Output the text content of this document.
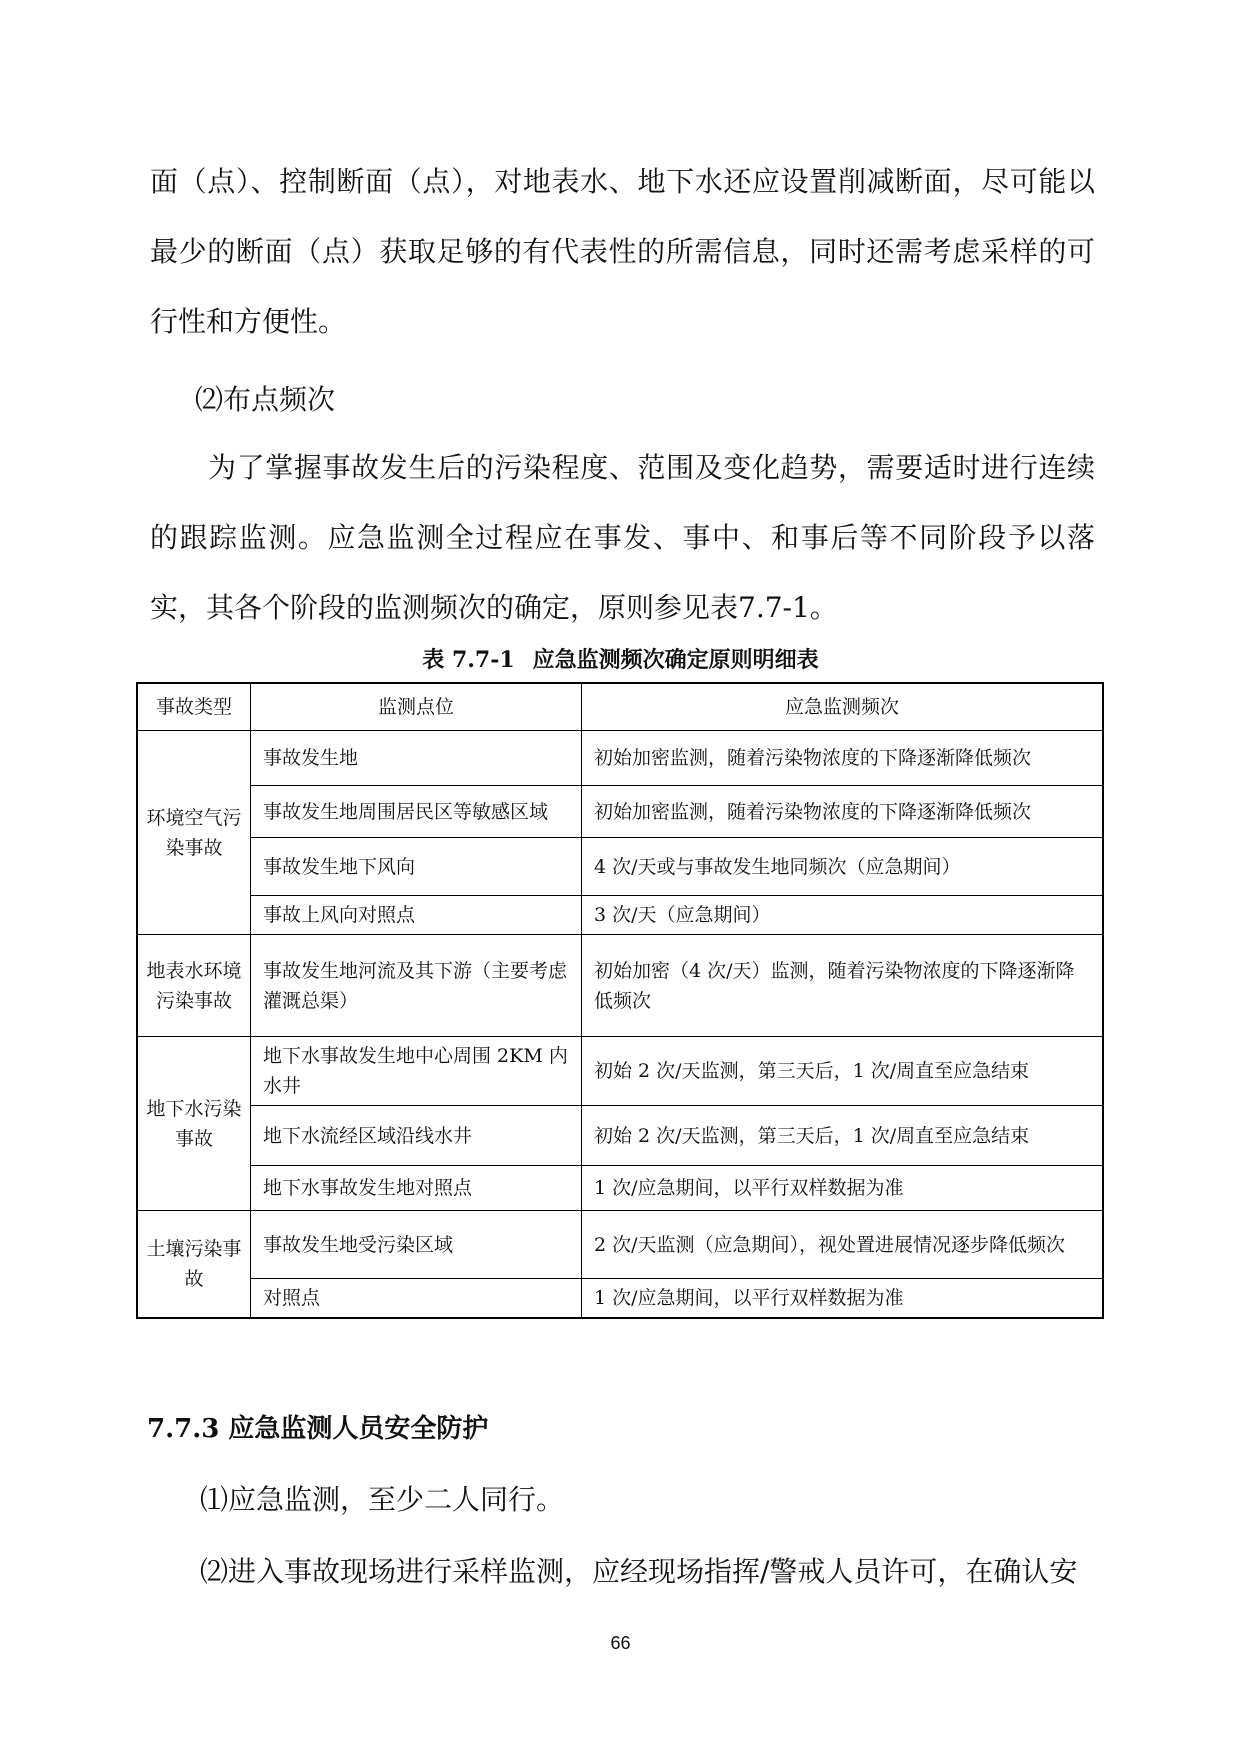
面（点）、控制断面（点），对地表水、地下水还应设置削减断面，尽可能以最少的断面（点）获取足够的有代表性的所需信息，同时还需考虑采样的可行性和方便性。
⑵布点频次
为了掌握事故发生后的污染程度、范围及变化趋势，需要适时进行连续的跟踪监测。应急监测全过程应在事发、事中、和事后等不同阶段予以落实，其各个阶段的监测频次的确定，原则参见表7.7-1。
表 7.7-1 应急监测频次确定原则明细表
事故类型	监测点位	应急监测频次
环境空气污染事故	事故发生地	初始加密监测，随着污染物浓度的下降逐渐降低频次
	事故发生地周围居民区等敏感区域	初始加密监测，随着污染物浓度的下降逐渐降低频次
	事故发生地下风向	4 次/天或与事故发生地同频次（应急期间）
	事故上风向对照点	3 次/天（应急期间）
地表水环境污染事故	事故发生地河流及其下游（主要考虑灌溉总渠）	初始加密（4 次/天）监测，随着污染物浓度的下降逐渐降低频次
地下水污染事故	地下水事故发生地中心周围 2KM 内水井	初始 2 次/天监测，第三天后，1 次/周直至应急结束
	地下水流经区域沿线水井	初始 2 次/天监测，第三天后，1 次/周直至应急结束
	地下水事故发生地对照点	1 次/应急期间，以平行双样数据为准
土壤污染事故	事故发生地受污染区域	2 次/天监测（应急期间），视处置进展情况逐步降低频次
	对照点	1 次/应急期间，以平行双样数据为准
7.7.3 应急监测人员安全防护
⑴应急监测，至少二人同行。
⑵进入事故现场进行采样监测，应经现场指挥/警戒人员许可，在确认安
66
